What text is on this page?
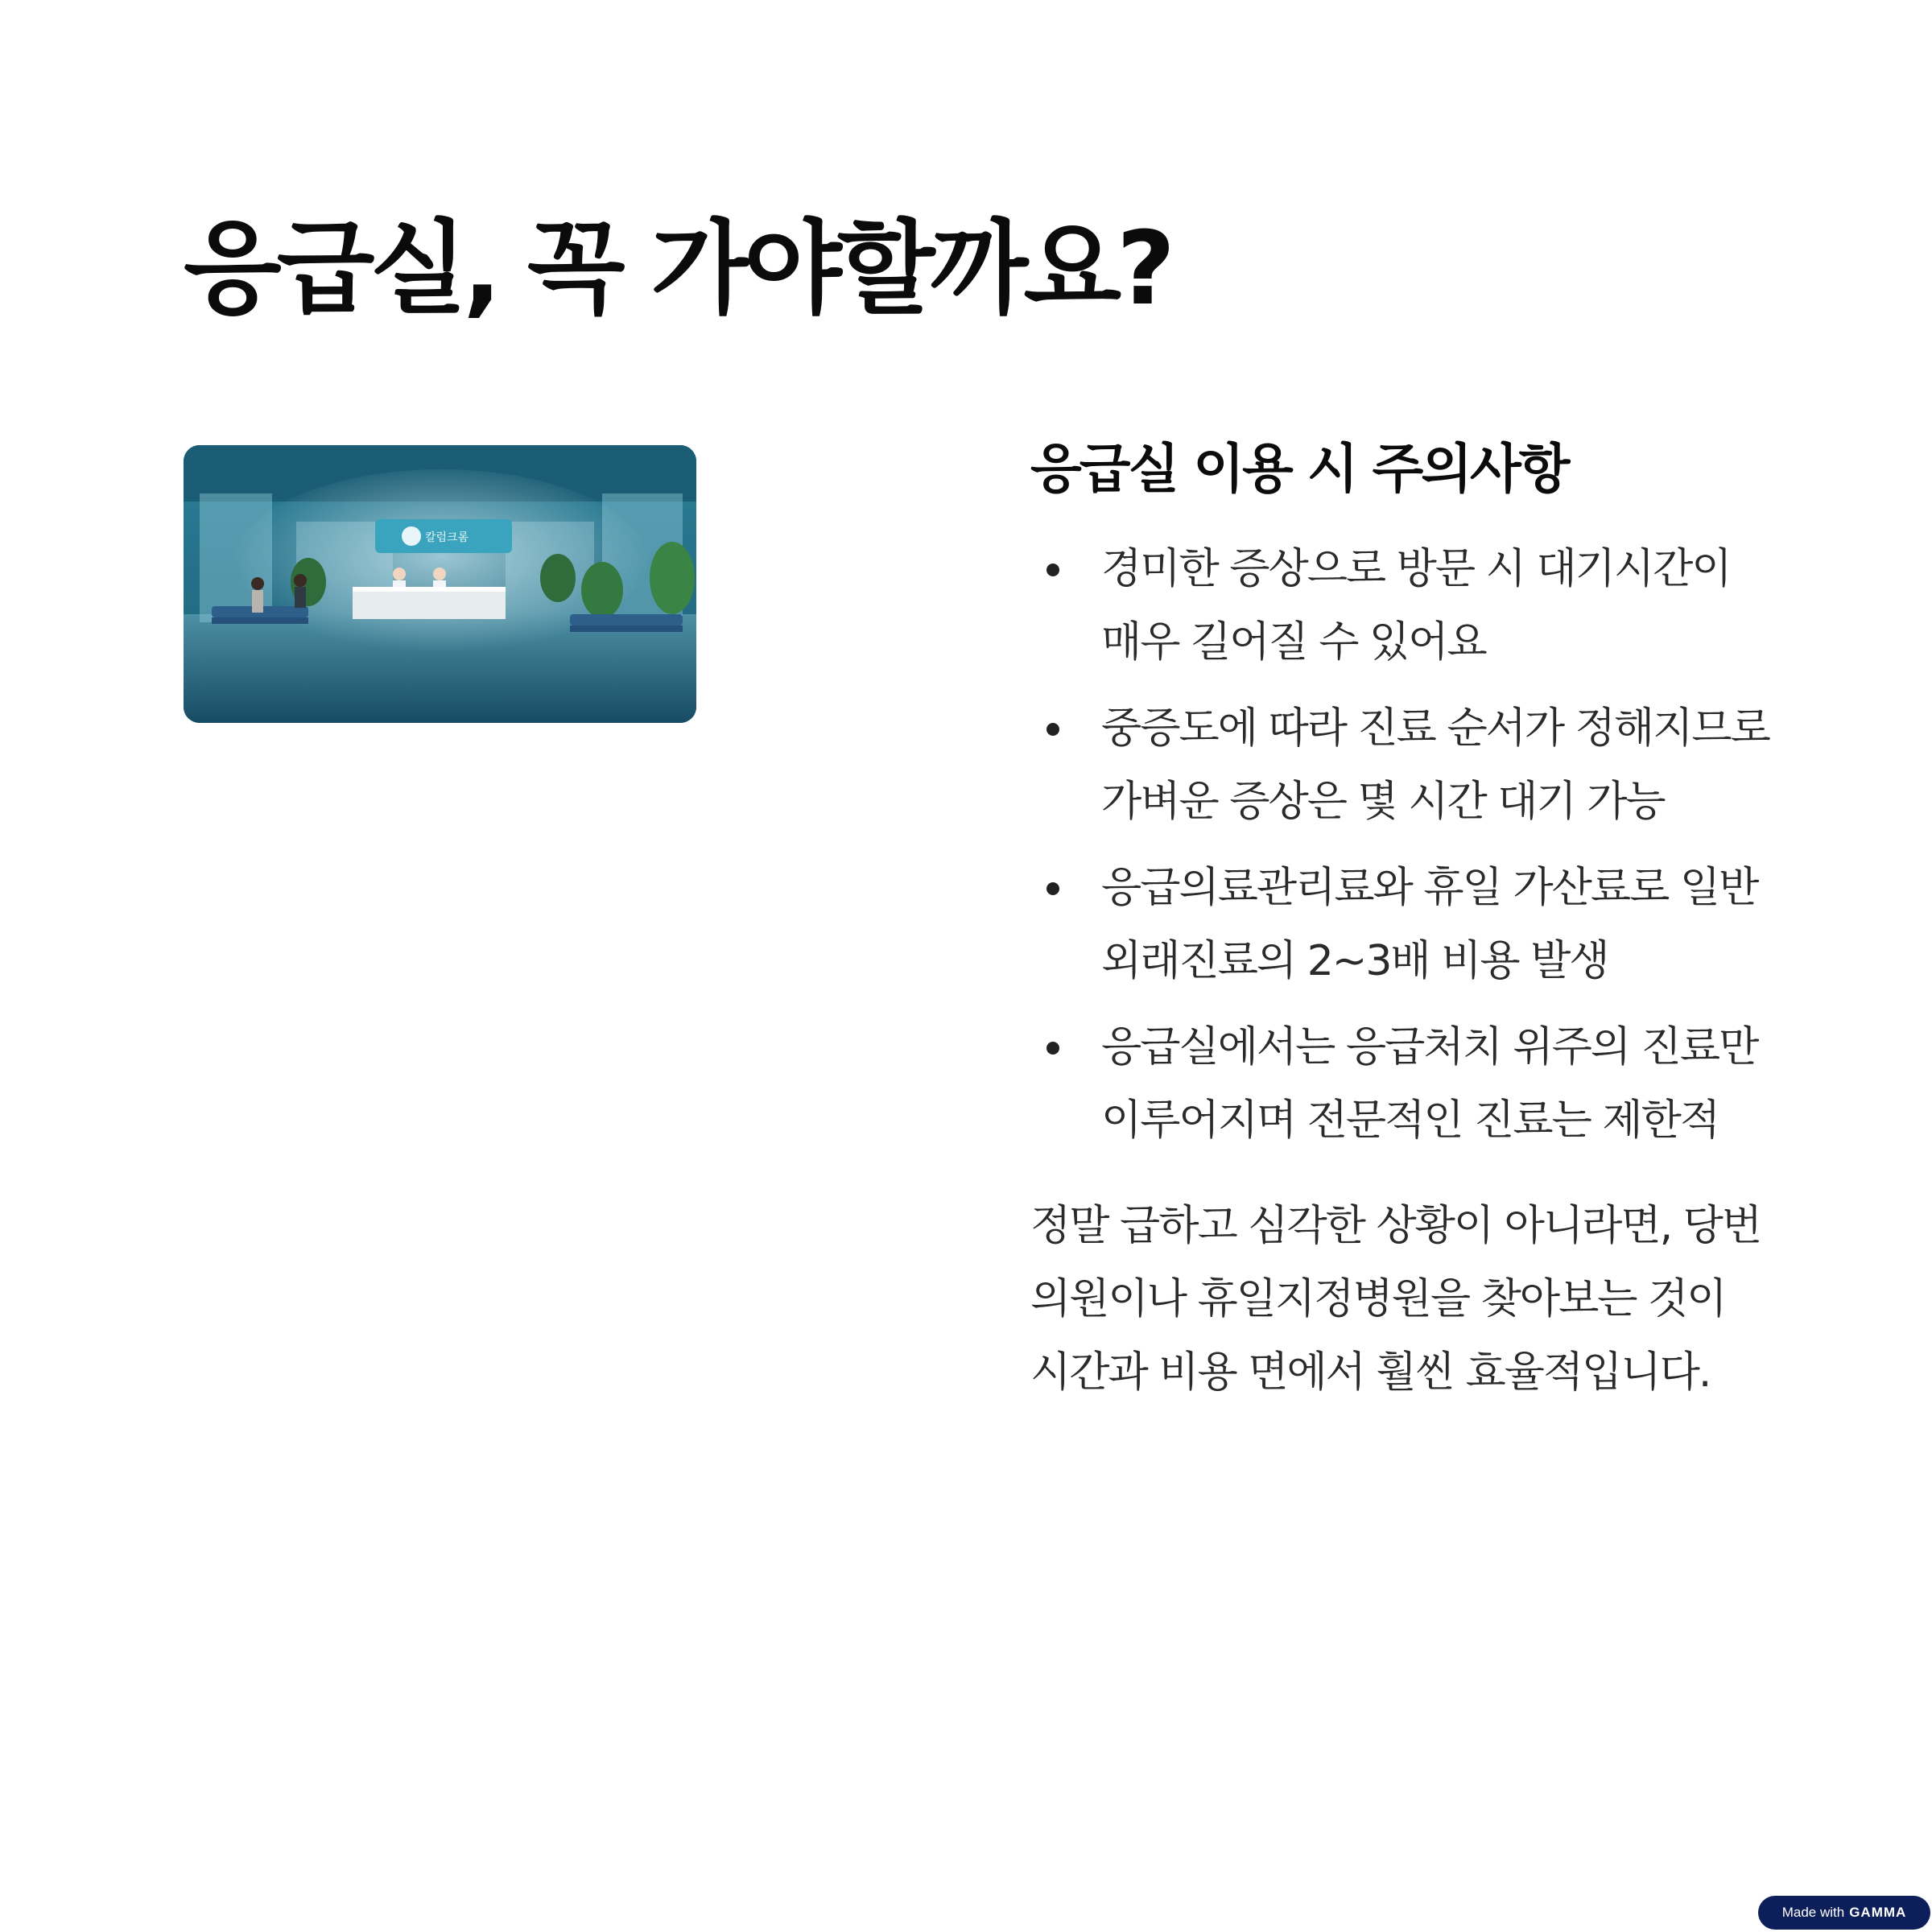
응급실, 꼭 가야할까요?
칼럼크롬
응급실 이용 시 주의사항
경미한 증상으로 방문 시 대기시간이 매우 길어질 수 있어요
중증도에 따라 진료 순서가 정해지므로 가벼운 증상은 몇 시간 대기 가능
응급의료관리료와 휴일 가산료로 일반 외래진료의 2~3배 비용 발생
응급실에서는 응급처치 위주의 진료만 이루어지며 전문적인 진료는 제한적

정말 급하고 심각한 상황이 아니라면, 당번 의원이나 휴일지정병원을 찾아보는 것이 시간과 비용 면에서 훨씬 효율적입니다.

Made with GAMMA
